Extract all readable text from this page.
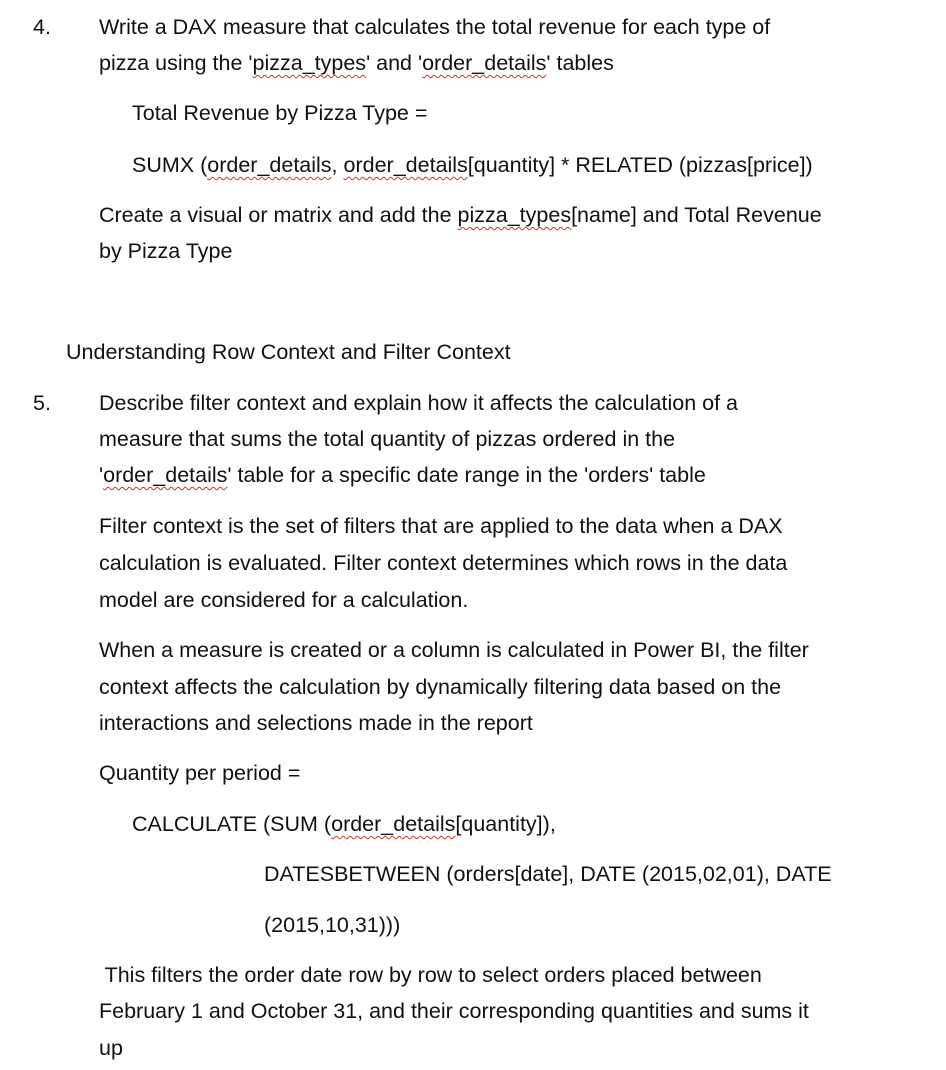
4. Write a DAX measure that calculates the total revenue for each type of
pizza using the 'pizza_types' and 'order_details' tables
Total Revenue by Pizza Type =
SUMX (order_details, order_details[quantity] * RELATED (pizzas[price])
Create a visual or matrix and add the pizza_types[name] and Total Revenue
by Pizza Type
Understanding Row Context and Filter Context
5. Describe filter context and explain how it affects the calculation of a
measure that sums the total quantity of pizzas ordered in the
'order_details' table for a specific date range in the 'orders' table
Filter context is the set of filters that are applied to the data when a DAX
calculation is evaluated. Filter context determines which rows in the data
model are considered for a calculation.
When a measure is created or a column is calculated in Power BI, the filter
context affects the calculation by dynamically filtering data based on the
interactions and selections made in the report
Quantity per period =
CALCULATE (SUM (order_details[quantity]),
DATESBETWEEN (orders[date], DATE (2015,02,01), DATE
(2015,10,31)))
This filters the order date row by row to select orders placed between
February 1 and October 31, and their corresponding quantities and sums it
up
